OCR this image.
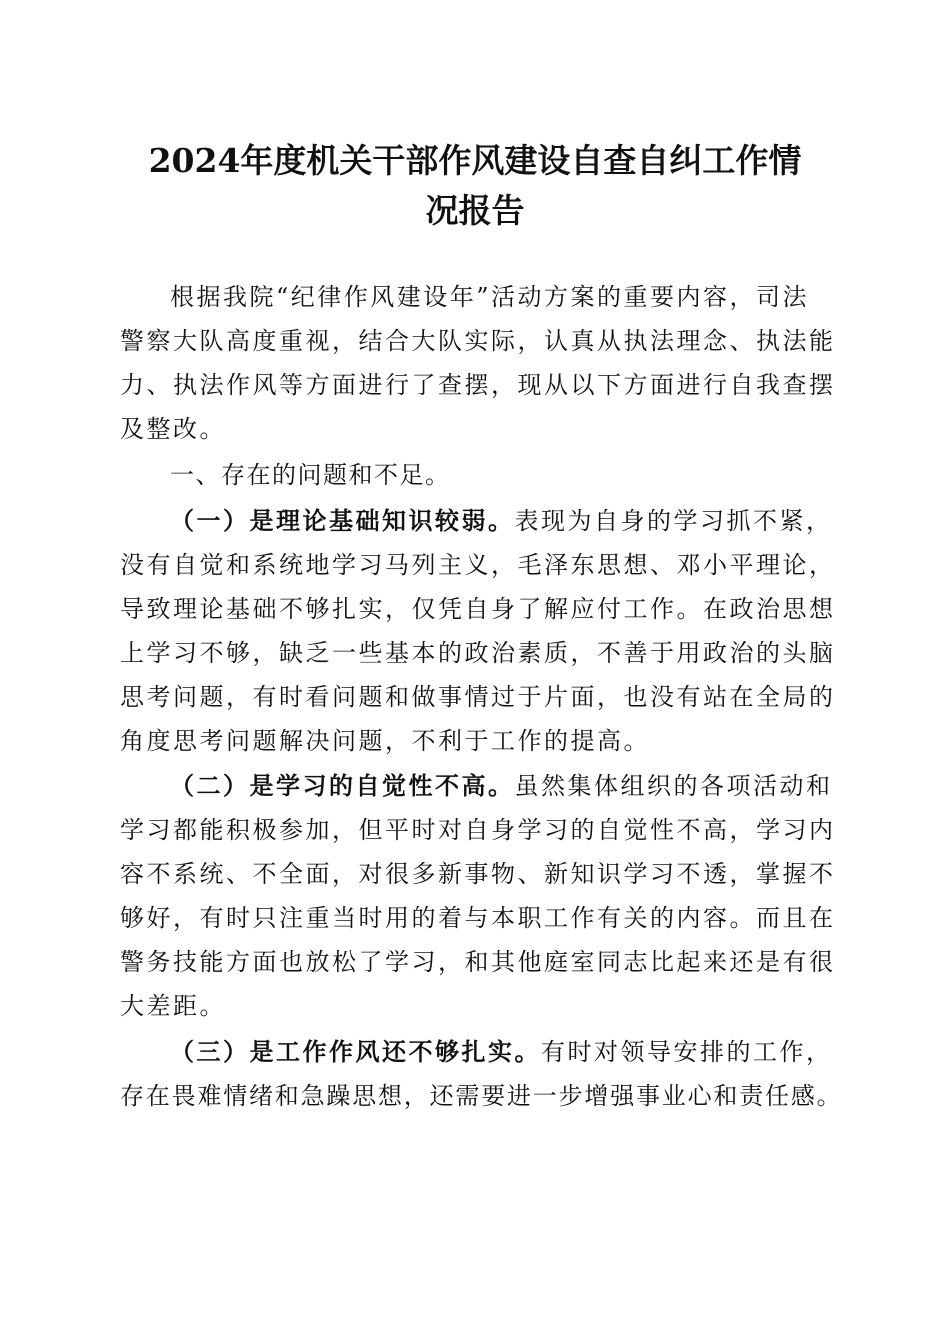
2024年度机关干部作风建设自查自纠工作情
况报告
根据我院“纪律作风建设年”活动方案的重要内容，司法
警察大队高度重视，结合大队实际，认真从执法理念、执法能
力、执法作风等方面进行了查摆，现从以下方面进行自我查摆
及整改。
一、存在的问题和不足。
（一）是理论基础知识较弱。表现为自身的学习抓不紧，
没有自觉和系统地学习马列主义，毛泽东思想、邓小平理论，
导致理论基础不够扎实，仅凭自身了解应付工作。在政治思想
上学习不够，缺乏一些基本的政治素质，不善于用政治的头脑
思考问题，有时看问题和做事情过于片面，也没有站在全局的
角度思考问题解决问题，不利于工作的提高。
（二）是学习的自觉性不高。虽然集体组织的各项活动和
学习都能积极参加，但平时对自身学习的自觉性不高，学习内
容不系统、不全面，对很多新事物、新知识学习不透，掌握不
够好，有时只注重当时用的着与本职工作有关的内容。而且在
警务技能方面也放松了学习，和其他庭室同志比起来还是有很
大差距。
（三）是工作作风还不够扎实。有时对领导安排的工作，
存在畏难情绪和急躁思想，还需要进一步增强事业心和责任感。
